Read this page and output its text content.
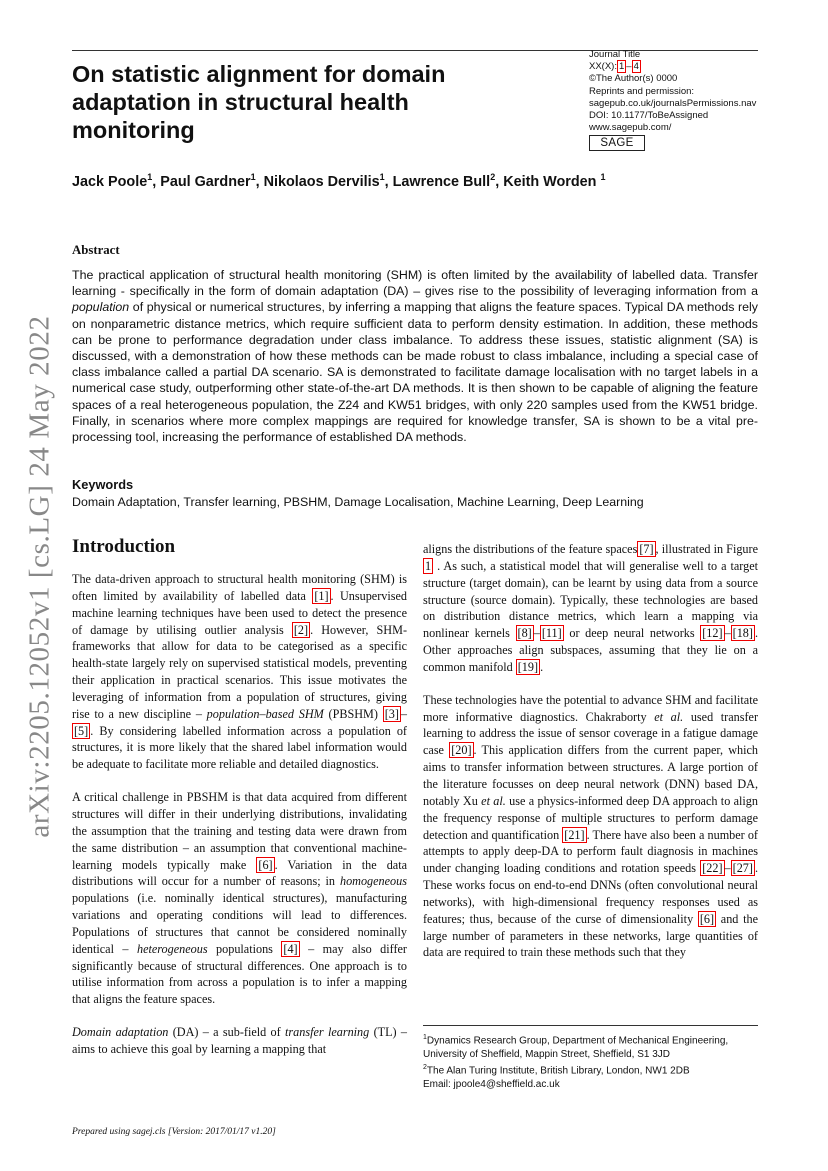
On statistic alignment for domain adaptation in structural health monitoring
Journal Title
XX(X): 1 – 4
©The Author(s) 0000
Reprints and permission:
sagepub.co.uk/journalsPermissions.nav
DOI: 10.1177/ToBeAssigned
www.sagepub.com/
SAGE
Jack Poole$^1$, Paul Gardner$^1$, Nikolaos Dervilis$^1$, Lawrence Bull$^2$, Keith Worden $^1$
Abstract
The practical application of structural health monitoring (SHM) is often limited by the availability of labelled data. Transfer learning - specifically in the form of domain adaptation (DA) – gives rise to the possibility of leveraging information from a population of physical or numerical structures, by inferring a mapping that aligns the feature spaces. Typical DA methods rely on nonparametric distance metrics, which require sufficient data to perform density estimation. In addition, these methods can be prone to performance degradation under class imbalance. To address these issues, statistic alignment (SA) is discussed, with a demonstration of how these methods can be made robust to class imbalance, including a special case of class imbalance called a partial DA scenario. SA is demonstrated to facilitate damage localisation with no target labels in a numerical case study, outperforming other state-of-the-art DA methods. It is then shown to be capable of aligning the feature spaces of a real heterogeneous population, the Z24 and KW51 bridges, with only 220 samples used from the KW51 bridge. Finally, in scenarios where more complex mappings are required for knowledge transfer, SA is shown to be a vital pre-processing tool, increasing the performance of established DA methods.
Keywords
Domain Adaptation, Transfer learning, PBSHM, Damage Localisation, Machine Learning, Deep Learning
arXiv:2205.12052v1 [cs.LG] 24 May 2022 Introduction

The data-driven approach to structural health monitoring (SHM) is often limited by availability of labelled data [1] . Unsupervised machine learning techniques have been used to detect the presence of damage by utilising outlier analysis [2] . However, SHM-frameworks that allow for data to be categorised as a specific health-state largely rely on supervised statistical models, preventing their application in practical scenarios. This issue motivates the leveraging of information from a population of structures, giving rise to a new discipline – population–based SHM (PBSHM) [3] –[5] . By considering labelled information across a population of structures, it is more likely that the shared label information would be adequate to facilitate more reliable and detailed diagnostics.

A critical challenge in PBSHM is that data acquired from different structures will differ in their underlying distributions, invalidating the assumption that the training and testing data were drawn from the same distribution – an assumption that conventional machine-learning models typically make [6] . Variation in the data distributions will occur for a number of reasons; in homogeneous populations (i.e. nominally identical structures), manufacturing variations and operating conditions will lead to differences. Populations of structures that cannot be considered nominally identical – heterogeneous populations [4] – may also differ significantly because of structural differences. One approach is to utilise information from across a population is to infer a mapping that aligns the feature spaces.

Domain adaptation (DA) – a sub-field of transfer learning (TL) – aims to achieve this goal by learning a mapping that

aligns the distributions of the feature spaces [7] , illustrated in Figure 1 . As such, a statistical model that will generalise well to a target structure (target domain), can be learnt by using data from a source structure (source domain). Typically, these technologies are based on distribution distance metrics, which learn a mapping via nonlinear kernels [8] – [11] or deep neural networks [12] – [18] . Other approaches align subspaces, assuming that they lie on a common manifold [19] .

These technologies have the potential to advance SHM and facilitate more informative diagnostics. Chakraborty et al. used transfer learning to address the issue of sensor coverage in a fatigue damage case [20] . This application differs from the current paper, which aims to transfer information between structures. A large portion of the literature focusses on deep neural network (DNN) based DA, notably Xu et al. use a physics-informed deep DA approach to align the frequency response of multiple structures to perform damage detection and quantification [21] . There have also been a number of attempts to apply deep-DA to perform fault diagnosis in machines under changing loading conditions and rotation speeds [22] – [27] . These works focus on end-to-end DNNs (often convolutional neural networks), with high-dimensional frequency responses used as features; thus, because of the curse of dimensionality [6] and the large number of parameters in these networks, large quantities of data are required to train these methods such that they

$^1$Dynamics Research Group, Department of Mechanical Engineering, University of Sheffield, Mappin Street, Sheffield, S1 3JD
$^2$The Alan Turing Institute, British Library, London, NW1 2DB
Email: jpoole4@sheffield.ac.uk
Prepared using sagej.cls [Version: 2017/01/17 v1.20]
